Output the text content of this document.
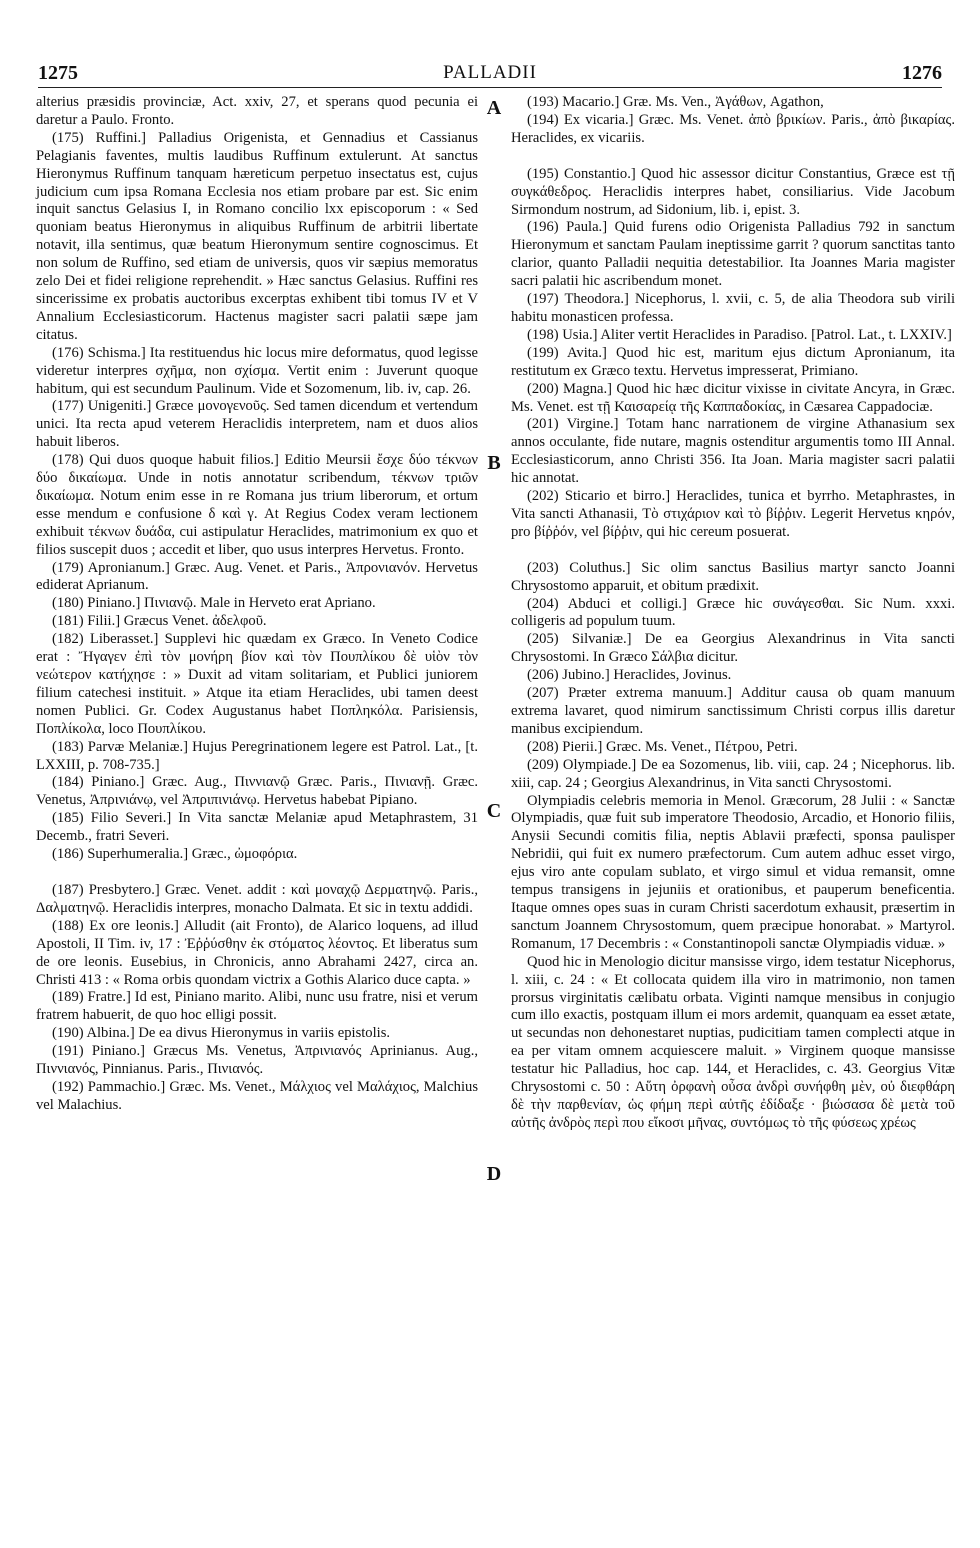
1275	PALLADII	1276

alterius præsidis provinciæ, Act. xxiv, 27, et sperans quod pecunia ei daretur a Paulo. Fronto.

(175) Ruffini.] Palladius Origenista, et Gennadius et Cassianus Pelagianis faventes, multis laudibus Ruffinum extulerunt. At sanctus Hieronymus Ruffinum tanquam hæreticum perpetuo insectatus est, cujus judicium cum ipsa Romana Ecclesia nos etiam probare par est. Sic enim inquit sanctus Gelasius I, in Romano concilio lxx episcoporum : « Sed quoniam beatus Hieronymus in aliquibus Ruffinum de arbitrii libertate notavit, illa sentimus, quæ beatum Hieronymum sentire cognoscimus. Et non solum de Ruffino, sed etiam de universis, quos vir sæpius memoratus zelo Dei et fidei religione reprehendit. » Hæc sanctus Gelasius. Ruffini res sincerissime ex probatis auctoribus excerptas exhibent tibi tomus IV et V Annalium Ecclesiasticorum. Hactenus magister sacri palatii sæpe jam citatus.

(176) Schisma.] Ita restituendus hic locus mire deformatus, quod legisse videretur interpres σχῆμα, non σχίσμα. Vertit enim : Juverunt quoque habitum, qui est secundum Paulinum. Vide et Sozomenum, lib. iv, cap. 26.

(177) Unigeniti.] Græce μονογενοῦς. Sed tamen dicendum et vertendum unici. Ita recta apud veterem Heraclidis interpretem, nam et duos alios habuit liberos.

(178) Qui duos quoque habuit filios.] Editio Meursii ἔσχε δύο τέκνων δύο δικαίωμα. Unde in notis annotatur scribendum, τέκνων τριῶν δικαίωμα. Notum enim esse in re Romana jus trium liberorum, et ortum esse mendum e confusione δ καὶ γ. At Regius Codex veram lectionem exhibuit τέκνων δυάδα, cui astipulatur Heraclides, matrimonium ex quo et filios suscepit duos ; accedit et liber, quo usus interpres Hervetus. Fronto.

(179) Apronianum.] Græc. Aug. Venet. et Paris., Ἀπρονιανόν. Hervetus ediderat Aprianum.

(180) Piniano.] Πινιανῷ. Male in Herveto erat Apriano.

(181) Filii.] Græcus Venet. ἀδελφοῦ.

(182) Liberasset.] Supplevi hic quædam ex Græco. In Veneto Codice erat : Ἤγαγεν ἐπὶ τὸν μονήρη βίον καὶ τὸν Πουπλίκου δὲ υἱὸν τὸν νεώτερον κατήχησε : » Duxit ad vitam solitariam, et Publici juniorem filium catechesi instituit. » Atque ita etiam Heraclides, ubi tamen deest nomen Publici. Gr. Codex Augustanus habet Ποπληκόλα. Parisiensis, Ποπλίκολα, loco Πουπλίκου.

(183) Parvæ Melaniæ.] Hujus Peregrinationem legere est Patrol. Lat., [t. LXXIII, p. 708-735.]

(184) Piniano.] Græc. Aug., Πιννιανῷ Græc. Paris., Πινιανῇ. Græc. Venetus, Ἀπρινιάνῳ, vel Ἀπριπινιάνῳ. Hervetus habebat Pipiano.

(185) Filio Severi.] In Vita sanctæ Melaniæ apud Metaphrastem, 31 Decemb., fratri Severi.

(186) Superhumeralia.] Græc., ὠμοφόρια.

(187) Presbytero.] Græc. Venet. addit : καὶ μοναχῷ Δερματηνῷ. Paris., Δαλματηνῷ. Heraclidis interpres, monacho Dalmata. Et sic in textu addidi.

(188) Ex ore leonis.] Alludit (ait Fronto), de Alarico loquens, ad illud Apostoli, II Tim. iv, 17 : Ἐῤῥύσθην ἐκ στόματος λέοντος. Et liberatus sum de ore leonis. Eusebius, in Chronicis, anno Abrahami 2427, circa an. Christi 413 : « Roma orbis quondam victrix a Gothis Alarico duce capta. »

(189) Fratre.] Id est, Piniano marito. Alibi, nunc usu fratre, nisi et verum fratrem habuerit, de quo hoc elligi possit.

(190) Albina.] De ea divus Hieronymus in variis epistolis.

(191) Piniano.] Græcus Ms. Venetus, Ἀπρινιανός Aprinianus. Aug., Πιννιανός, Pinnianus. Paris., Πινιανός.

(192) Pammachio.] Græc. Ms. Venet., Μάλχιος vel Μαλάχιος, Malchius vel Malachius.

(193) Macario.] Græ. Ms. Ven., Ἀγάθων, Agathon,

(194) Ex vicaria.] Græc. Ms. Venet. ἀπὸ βρικίων. Paris., ἀπὸ βικαρίας. Heraclides, ex vicariis.

(195) Constantio.] Quod hic assessor dicitur Constantius, Græce est τῇ συγκάθεδρος. Heraclidis interpres habet, consiliarius. Vide Jacobum Sirmondum nostrum, ad Sidonium, lib. i, epist. 3.

(196) Paula.] Quid furens odio Origenista Palladius 792 in sanctum Hieronymum et sanctam Paulam ineptissime garrit ? quorum sanctitas tanto clarior, quanto Palladii nequitia detestabilior. Ita Joannes Maria magister sacri palatii hic ascribendum monet.

(197) Theodora.] Nicephorus, l. xvii, c. 5, de alia Theodora sub virili habitu monasticen professa.

(198) Usia.] Aliter vertit Heraclides in Paradiso. [Patrol. Lat., t. LXXIV.]

(199) Avita.] Quod hic est, maritum ejus dictum Apronianum, ita restitutum ex Græco textu. Hervetus impresserat, Primiano.

(200) Magna.] Quod hic hæc dicitur vixisse in civitate Ancyra, in Græc. Ms. Venet. est τῇ Καισαρείᾳ τῆς Καππαδοκίας, in Cæsarea Cappadociæ.

(201) Virgine.] Totam hanc narrationem de virgine Athanasium sex annos occulante, fide nutare, magnis ostenditur argumentis tomo III Annal. Ecclesiasticorum, anno Christi 356. Ita Joan. Maria magister sacri palatii hic annotat.

(202) Sticario et birro.] Heraclides, tunica et byrrho. Metaphrastes, in Vita sancti Athanasii, Τὸ στιχάριον καὶ τὸ βίῤῥιν. Legerit Hervetus κηρόν, pro βίῤῥόν, vel βίῤῥιν, qui hic cereum posuerat.

(203) Coluthus.] Sic olim sanctus Basilius martyr sancto Joanni Chrysostomo apparuit, et obitum prædixit.

(204) Abduci et colligi.] Græce hic συνάγεσθαι. Sic Num. xxxi. colligeris ad populum tuum.

(205) Silvaniæ.] De ea Georgius Alexandrinus in Vita sancti Chrysostomi. In Græco Σάλβια dicitur.

(206) Jubino.] Heraclides, Jovinus.

(207) Præter extrema manuum.] Additur causa ob quam manuum extrema lavaret, quod nimirum sanctissimum Christi corpus illis daretur manibus excipiendum.

(208) Pierii.] Græc. Ms. Venet., Πέτρου, Petri.

(209) Olympiade.] De ea Sozomenus, lib. viii, cap. 24 ; Nicephorus. lib. xiii, cap. 24 ; Georgius Alexandrinus, in Vita sancti Chrysostomi.

Olympiadis celebris memoria in Menol. Græcorum, 28 Julii : « Sanctæ Olympiadis, quæ fuit sub imperatore Theodosio, Arcadio, et Honorio filiis, Anysii Secundi comitis filia, neptis Ablavii præfecti, sponsa paulisper Nebridii, qui fuit ex numero præfectorum. Cum autem adhuc esset virgo, ejus viro ante copulam sublato, et virgo simul et vidua remansit, omne tempus transigens in jejuniis et orationibus, et pauperum beneficentia. Itaque omnes opes suas in curam Christi sacerdotum exhausit, præsertim in sanctum Joannem Chrysostomum, quem præcipue honorabat. » Martyrol. Romanum, 17 Decembris : « Constantinopoli sanctæ Olympiadis viduæ. »

Quod hic in Menologio dicitur mansisse virgo, idem testatur Nicephorus, l. xiii, c. 24 : « Et collocata quidem illa viro in matrimonio, non tamen prorsus virginitatis cælibatu orbata. Viginti namque mensibus in conjugio cum illo exactis, postquam illum ei mors ardemit, quanquam ea esset ætate, ut secundas non dehonestaret nuptias, pudicitiam tamen complecti atque in ea per vitam omnem acquiescere maluit. » Virginem quoque mansisse testatur hic Palladius, hoc cap. 144, et Heraclides, c. 43. Georgius Vitæ Chrysostomi c. 50 : Αὕτη ὀρφανὴ οὖσα ἀνδρὶ συνήφθη μὲν, οὐ διεφθάρη δὲ τὴν παρθενίαν, ὡς φήμη περὶ αὐτῆς ἐδίδαξε · βιώσασα δὲ μετὰ τοῦ αὐτῆς ἀνδρὸς περὶ που εἴκοσι μῆνας, συντόμως τὸ τῆς φύσεως χρέως

A
B
C
D
